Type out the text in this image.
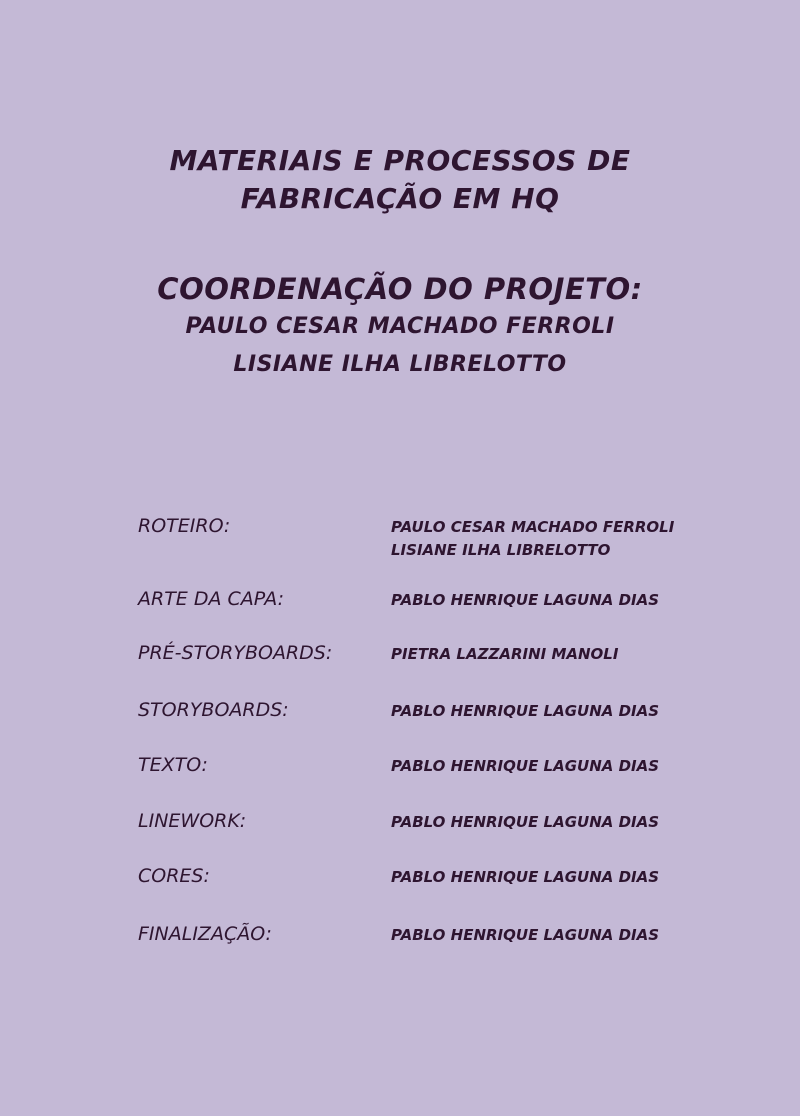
MATERIAIS E PROCESSOS DE
FABRICAÇÃO EM HQ
COORDENAÇÃO DO PROJETO:
PAULO CESAR MACHADO FERROLI
LISIANE ILHA LIBRELOTTO
ROTEIRO:	PAULO CESAR MACHADO FERROLI
LISIANE ILHA LIBRELOTTO
ARTE DA CAPA:	PABLO HENRIQUE LAGUNA DIAS
PRÉ-STORYBOARDS:	PIETRA LAZZARINI MANOLI
STORYBOARDS:	PABLO HENRIQUE LAGUNA DIAS
TEXTO:	PABLO HENRIQUE LAGUNA DIAS
LINEWORK:	PABLO HENRIQUE LAGUNA DIAS
CORES:	PABLO HENRIQUE LAGUNA DIAS
FINALIZAÇÃO:	PABLO HENRIQUE LAGUNA DIAS
